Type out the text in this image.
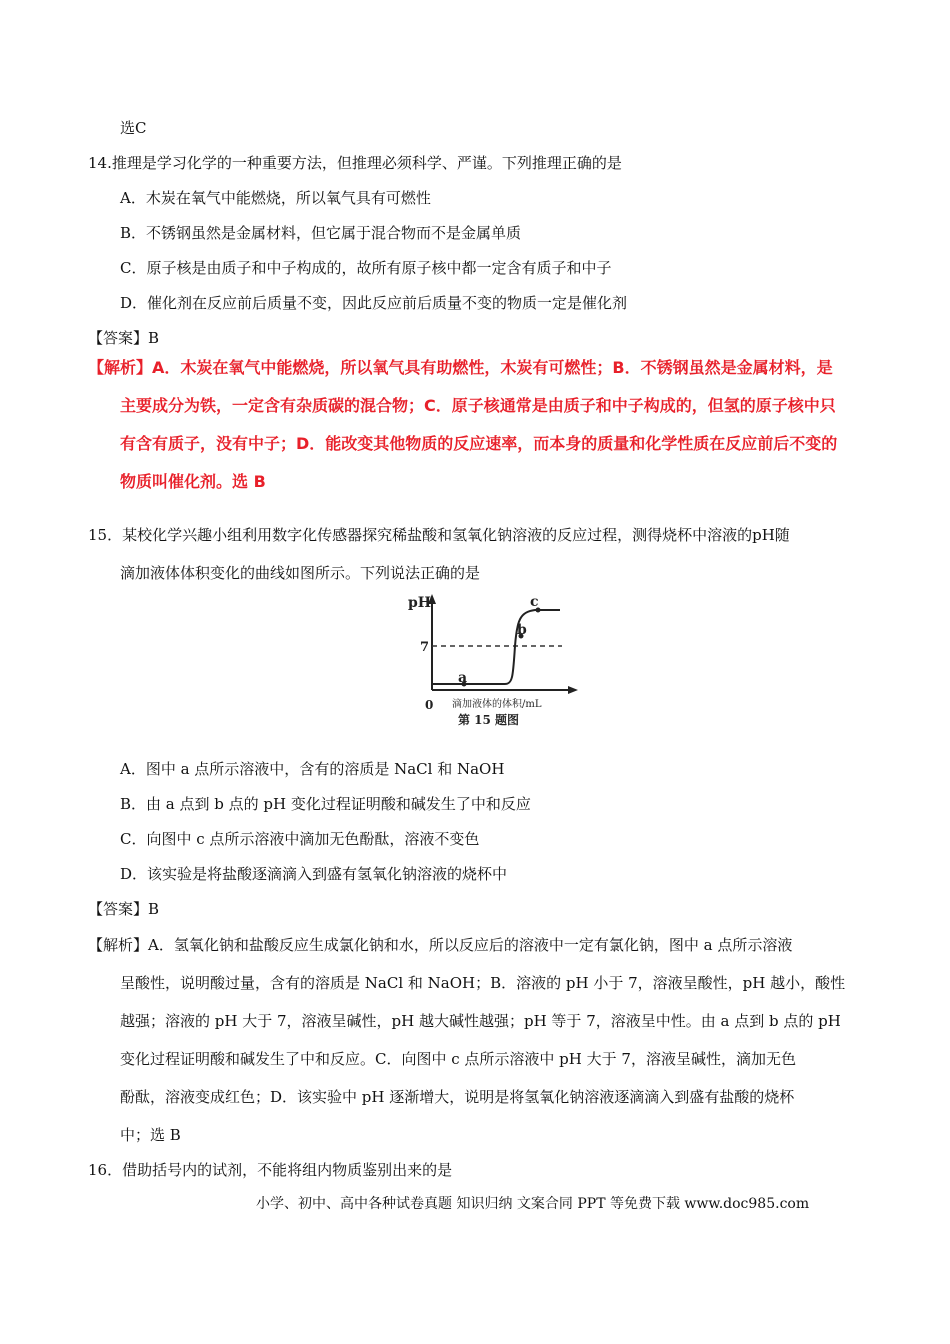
选C
14.推理是学习化学的一种重要方法，但推理必须科学、严谨。下列推理正确的是
A．木炭在氧气中能燃烧，所以氧气具有可燃性
B．不锈钢虽然是金属材料，但它属于混合物而不是金属单质
C．原子核是由质子和中子构成的，故所有原子核中都一定含有质子和中子
D．催化剂在反应前后质量不变，因此反应前后质量不变的物质一定是催化剂
【答案】B
【解析】A．木炭在氧气中能燃烧，所以氧气具有助燃性，木炭有可燃性；B．不锈钢虽然是金属材料，是
主要成分为铁，一定含有杂质碳的混合物；C．原子核通常是由质子和中子构成的，但氢的原子核中只
有含有质子，没有中子；D．能改变其他物质的反应速率，而本身的质量和化学性质在反应前后不变的
物质叫催化剂。选 B
15．某校化学兴趣小组利用数字化传感器探究稀盐酸和氢氧化钠溶液的反应过程，测得烧杯中溶液的pH随
滴加液体体积变化的曲线如图所示。下列说法正确的是
pH
7
0
a
b
c
滴加液体的体积/mL
第 15 题图
A．图中 a 点所示溶液中，含有的溶质是 NaCl 和 NaOH
B．由 a 点到 b 点的 pH 变化过程证明酸和碱发生了中和反应
C．向图中 c 点所示溶液中滴加无色酚酞，溶液不变色
D．该实验是将盐酸逐滴滴入到盛有氢氧化钠溶液的烧杯中
【答案】B
【解析】A．氢氧化钠和盐酸反应生成氯化钠和水，所以反应后的溶液中一定有氯化钠，图中 a 点所示溶液
呈酸性，说明酸过量，含有的溶质是 NaCl 和 NaOH；B．溶液的 pH 小于 7，溶液呈酸性，pH 越小，酸性
越强；溶液的 pH 大于 7，溶液呈碱性，pH 越大碱性越强；pH 等于 7，溶液呈中性。由 a 点到 b 点的 pH
变化过程证明酸和碱发生了中和反应。C．向图中 c 点所示溶液中 pH 大于 7，溶液呈碱性，滴加无色
酚酞，溶液变成红色；D．该实验中 pH 逐渐增大，说明是将氢氧化钠溶液逐滴滴入到盛有盐酸的烧杯
中；选 B
16．借助括号内的试剂，不能将组内物质鉴别出来的是
小学、初中、高中各种试卷真题 知识归纳 文案合同 PPT 等免费下载 www.doc985.com
